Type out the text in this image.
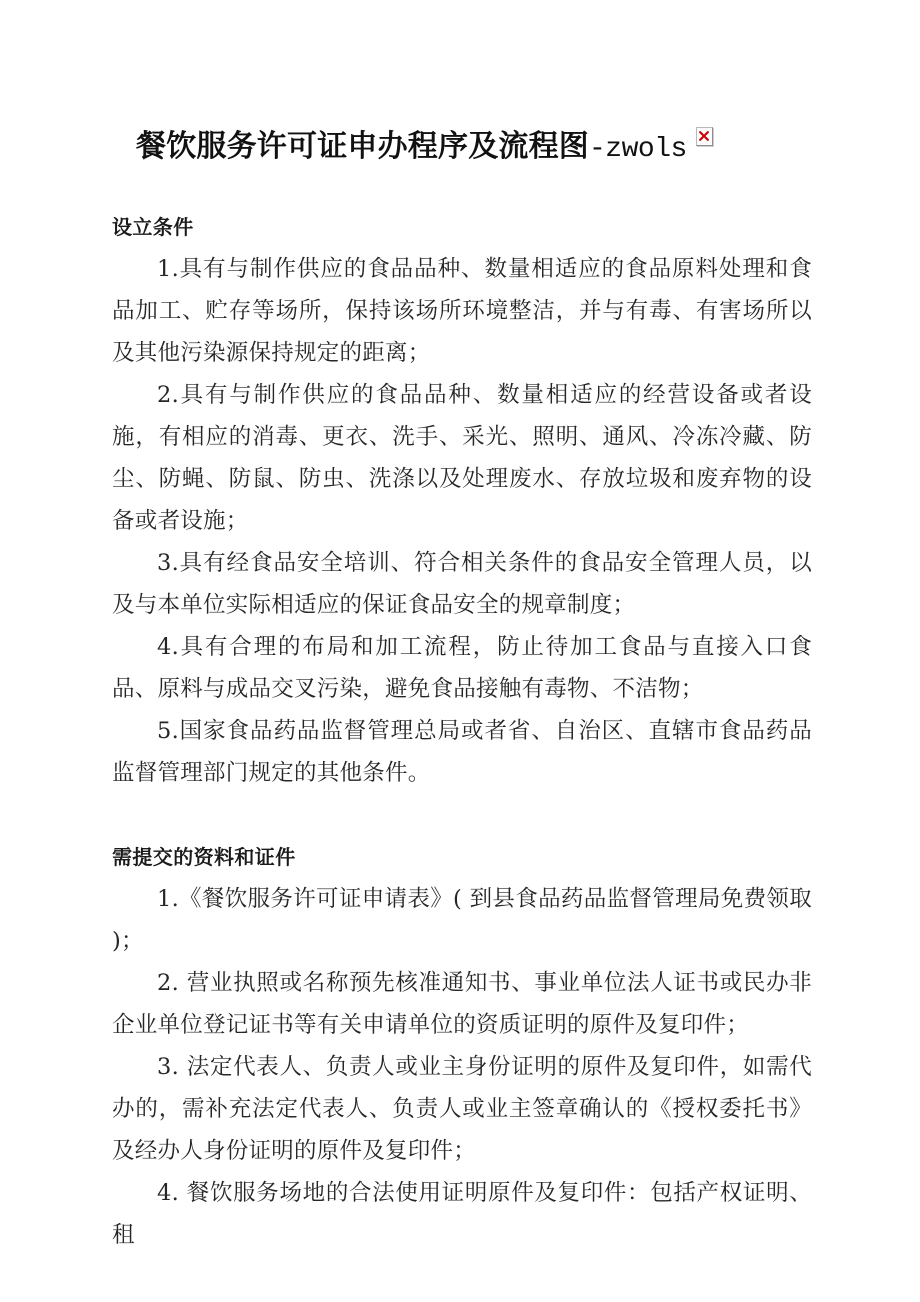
餐饮服务许可证申办程序及流程图-zwols
设立条件

1.具有与制作供应的食品品种、数量相适应的食品原料处理和食品加工、贮存等场所，保持该场所环境整洁，并与有毒、有害场所以及其他污染源保持规定的距离；

2.具有与制作供应的食品品种、数量相适应的经营设备或者设施，有相应的消毒、更衣、洗手、采光、照明、通风、冷冻冷藏、防尘、防蝇、防鼠、防虫、洗涤以及处理废水、存放垃圾和废弃物的设备或者设施；

3.具有经食品安全培训、符合相关条件的食品安全管理人员，以及与本单位实际相适应的保证食品安全的规章制度；

4.具有合理的布局和加工流程，防止待加工食品与直接入口食品、原料与成品交叉污染，避免食品接触有毒物、不洁物；

5.国家食品药品监督管理总局或者省、自治区、直辖市食品药品监督管理部门规定的其他条件。

需提交的资料和证件

1.《餐饮服务许可证申请表》( 到县食品药品监督管理局免费领取 )；

2. 营业执照或名称预先核准通知书、事业单位法人证书或民办非企业单位登记证书等有关申请单位的资质证明的原件及复印件；

3. 法定代表人、负责人或业主身份证明的原件及复印件，如需代办的，需补充法定代表人、负责人或业主签章确认的《授权委托书》及经办人身份证明的原件及复印件；

4. 餐饮服务场地的合法使用证明原件及复印件：包括产权证明、租
